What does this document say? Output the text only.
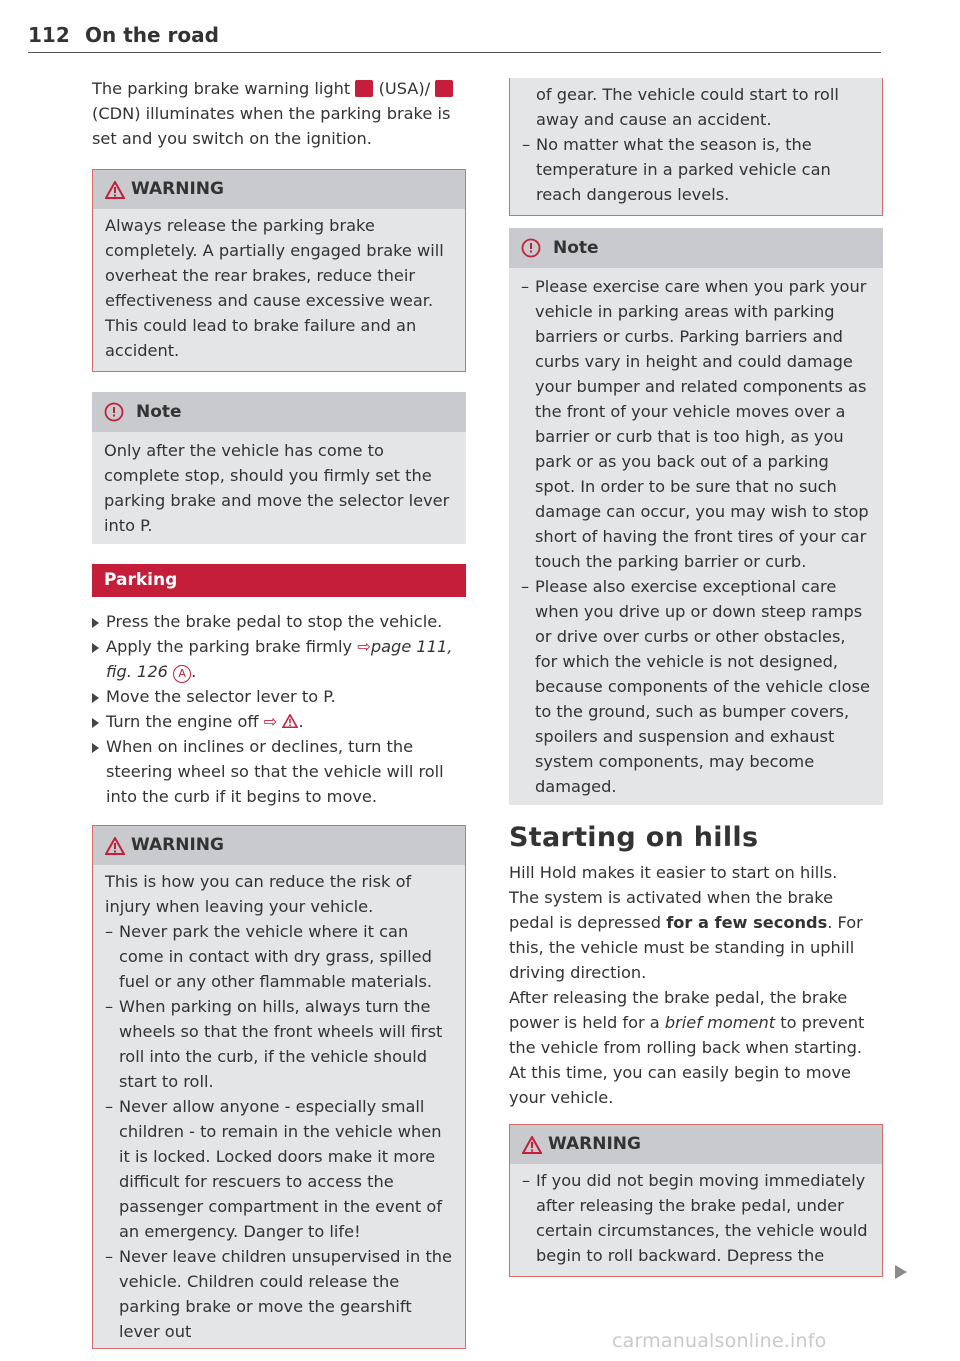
112 On the road

The parking brake warning light (USA)/  (CDN) illuminates when the parking brake is set and you switch on the ignition.

WARNING

Always release the parking brake completely. A partially engaged brake will overheat the rear brakes, reduce their effectiveness and cause excessive wear. This could lead to brake failure and an accident.

Note

Only after the vehicle has come to complete stop, should you firmly set the parking brake and move the selector lever into P.

Parking
Press the brake pedal to stop the vehicle.
Apply the parking brake firmly ⇨page 111, fig. 126 A .
Move the selector lever to P.
Turn the engine off ⇨ .
When on inclines or declines, turn the steering wheel so that the vehicle will roll into the curb if it begins to move.
WARNING

This is how you can reduce the risk of injury when leaving your vehicle.

– Never park the vehicle where it can come in contact with dry grass, spilled fuel or any other flammable materials.
– When parking on hills, always turn the wheels so that the front wheels will first roll into the curb, if the vehicle should start to roll.
– Never allow anyone - especially small children - to remain in the vehicle when it is locked. Locked doors make it more difficult for rescuers to access the passenger compartment in the event of an emergency. Danger to life!
– Never leave children unsupervised in the vehicle. Children could release the parking brake or move the gearshift lever out

of gear. The vehicle could start to roll away and cause an accident.

– No matter what the season is, the temperature in a parked vehicle can reach dangerous levels.
Note
– Please exercise care when you park your vehicle in parking areas with parking barriers or curbs. Parking barriers and curbs vary in height and could damage your bumper and related components as the front of your vehicle moves over a barrier or curb that is too high, as you park or as you back out of a parking spot. In order to be sure that no such damage can occur, you may wish to stop short of having the front tires of your car touch the parking barrier or curb.
– Please also exercise exceptional care when you drive up or down steep ramps or drive over curbs or other obstacles, for which the vehicle is not designed, because components of the vehicle close to the ground, such as bumper covers, spoilers and suspension and exhaust system components, may become damaged.
Starting on hills

Hill Hold makes it easier to start on hills.

The system is activated when the brake pedal is depressed for a few seconds. For this, the vehicle must be standing in uphill driving direction.

After releasing the brake pedal, the brake power is held for a brief moment to prevent the vehicle from rolling back when starting. At this time, you can easily begin to move your vehicle.

WARNING
– If you did not begin moving immediately after releasing the brake pedal, under certain circumstances, the vehicle would begin to roll backward. Depress the
carmanualsonline.info
